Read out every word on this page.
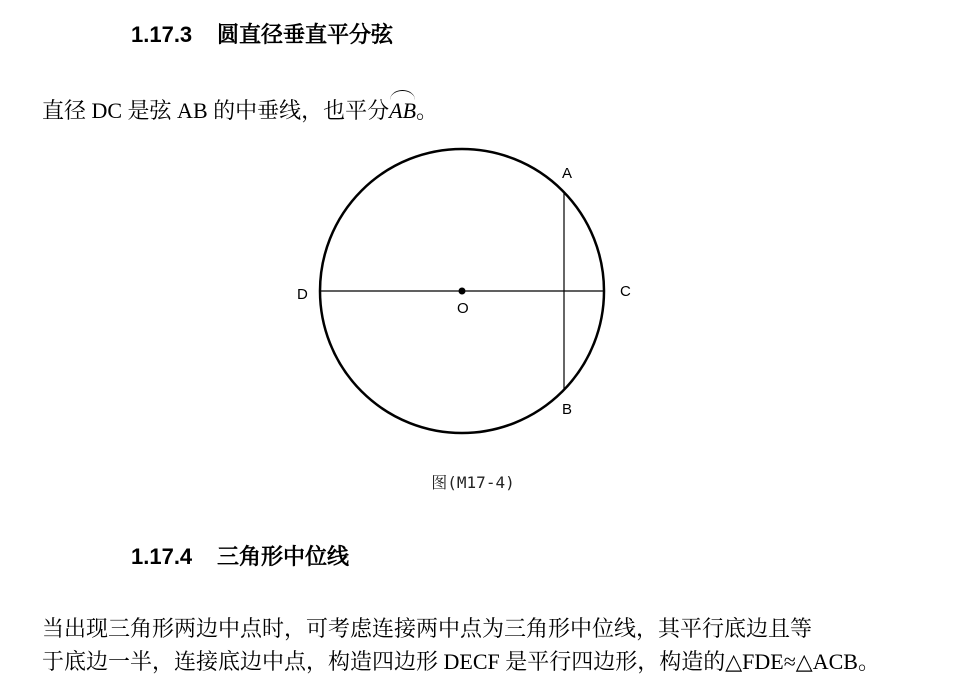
1.17.3 圆直径垂直平分弦
直径 DC 是弦 AB 的中垂线，也平分AB。
A
B
C
D
O
图(M17-4)
1.17.4 三角形中位线
当出现三角形两边中点时，可考虑连接两中点为三角形中位线，其平行底边且等
于底边一半，连接底边中点，构造四边形 DECF 是平行四边形，构造的△FDE≈△ACB。
